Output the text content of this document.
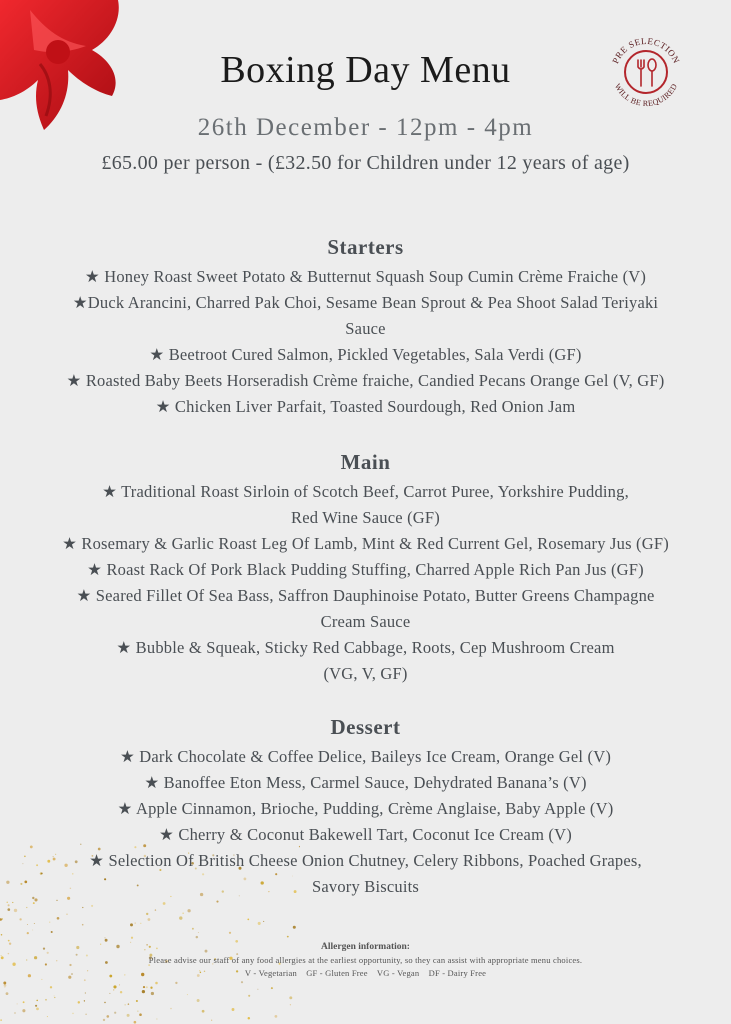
PRE SELECTION
WILL BE REQUIRED
Boxing Day Menu
26th December - 12pm - 4pm
£65.00 per person - (£32.50 for Children under 12 years of age)
Starters
★ Honey Roast Sweet Potato & Butternut Squash Soup Cumin Crème Fraiche (V)
★Duck Arancini, Charred Pak Choi, Sesame Bean Sprout & Pea Shoot Salad Teriyaki
Sauce
★ Beetroot Cured Salmon, Pickled Vegetables, Sala Verdi (GF)
★ Roasted Baby Beets Horseradish Crème fraiche, Candied Pecans Orange Gel (V, GF)
★ Chicken Liver Parfait, Toasted Sourdough, Red Onion Jam
Main
★ Traditional Roast Sirloin of Scotch Beef, Carrot Puree, Yorkshire Pudding,
Red Wine Sauce (GF)
★ Rosemary & Garlic Roast Leg Of Lamb, Mint & Red Current Gel, Rosemary Jus (GF)
★ Roast Rack Of Pork Black Pudding Stuffing, Charred Apple Rich Pan Jus (GF)
★ Seared Fillet Of Sea Bass, Saffron Dauphinoise Potato, Butter Greens Champagne
Cream Sauce
★ Bubble & Squeak, Sticky Red Cabbage, Roots, Cep Mushroom Cream
(VG, V, GF)
Dessert
★ Dark Chocolate & Coffee Delice, Baileys Ice Cream, Orange Gel (V)
★ Banoffee Eton Mess, Carmel Sauce, Dehydrated Banana’s (V)
★ Apple Cinnamon, Brioche, Pudding, Crème Anglaise, Baby Apple (V)
★ Cherry & Coconut Bakewell Tart, Coconut Ice Cream (V)
★ Selection Of British Cheese Onion Chutney, Celery Ribbons, Poached Grapes,
Savory Biscuits
Allergen information:
Please advise our staff of any food allergies at the earliest opportunity, so they can assist with appropriate menu choices.
V - Vegetarian    GF - Gluten Free    VG - Vegan    DF - Dairy Free
